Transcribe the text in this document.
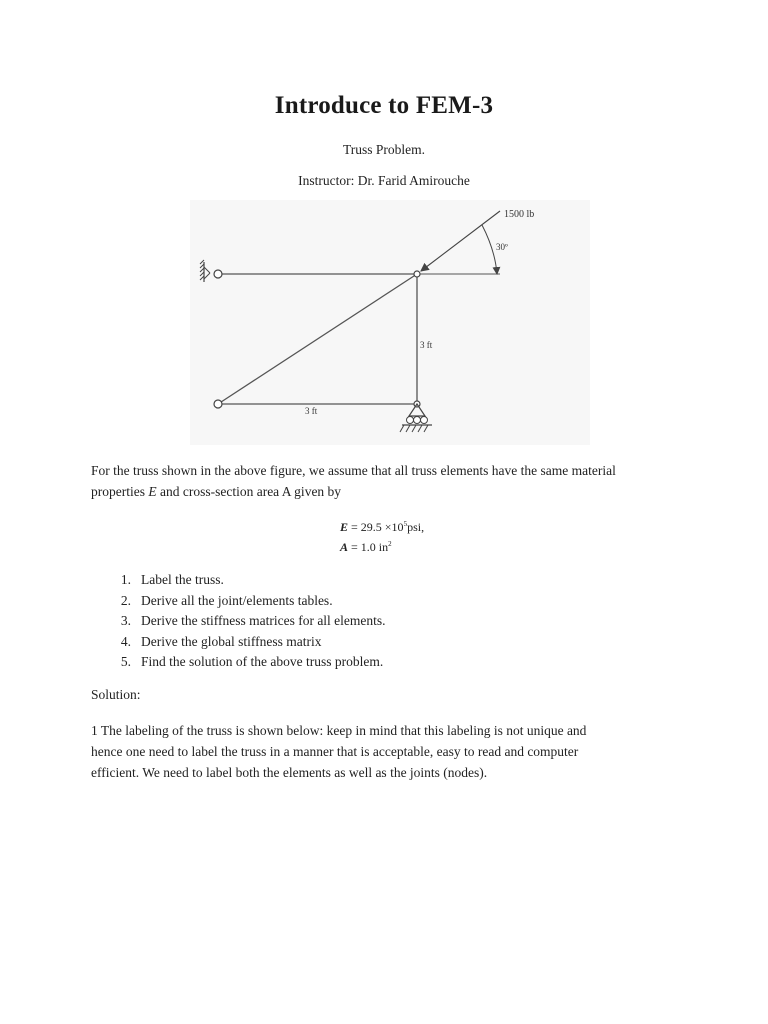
Introduce to FEM-3
Truss Problem.
Instructor: Dr. Farid Amirouche
1500 lb
30º
3 ft
3 ft
For the truss shown in the above figure, we assume that all truss elements have the same material
properties E and cross-section area A given by
$E = 29.5 \times 10^5psi$,
A = 1.0 $in^2$
1. Label the truss.
2. Derive all the joint/elements tables.
3. Derive the stiffness matrices for all elements.
4. Derive the global stiffness matrix
5. Find the solution of the above truss problem.
Solution:
1 The labeling of the truss is shown below: keep in mind that this labeling is not unique and
hence one need to label the truss in a manner that is acceptable, easy to read and computer
efficient. We need to label both the elements as well as the joints (nodes).
